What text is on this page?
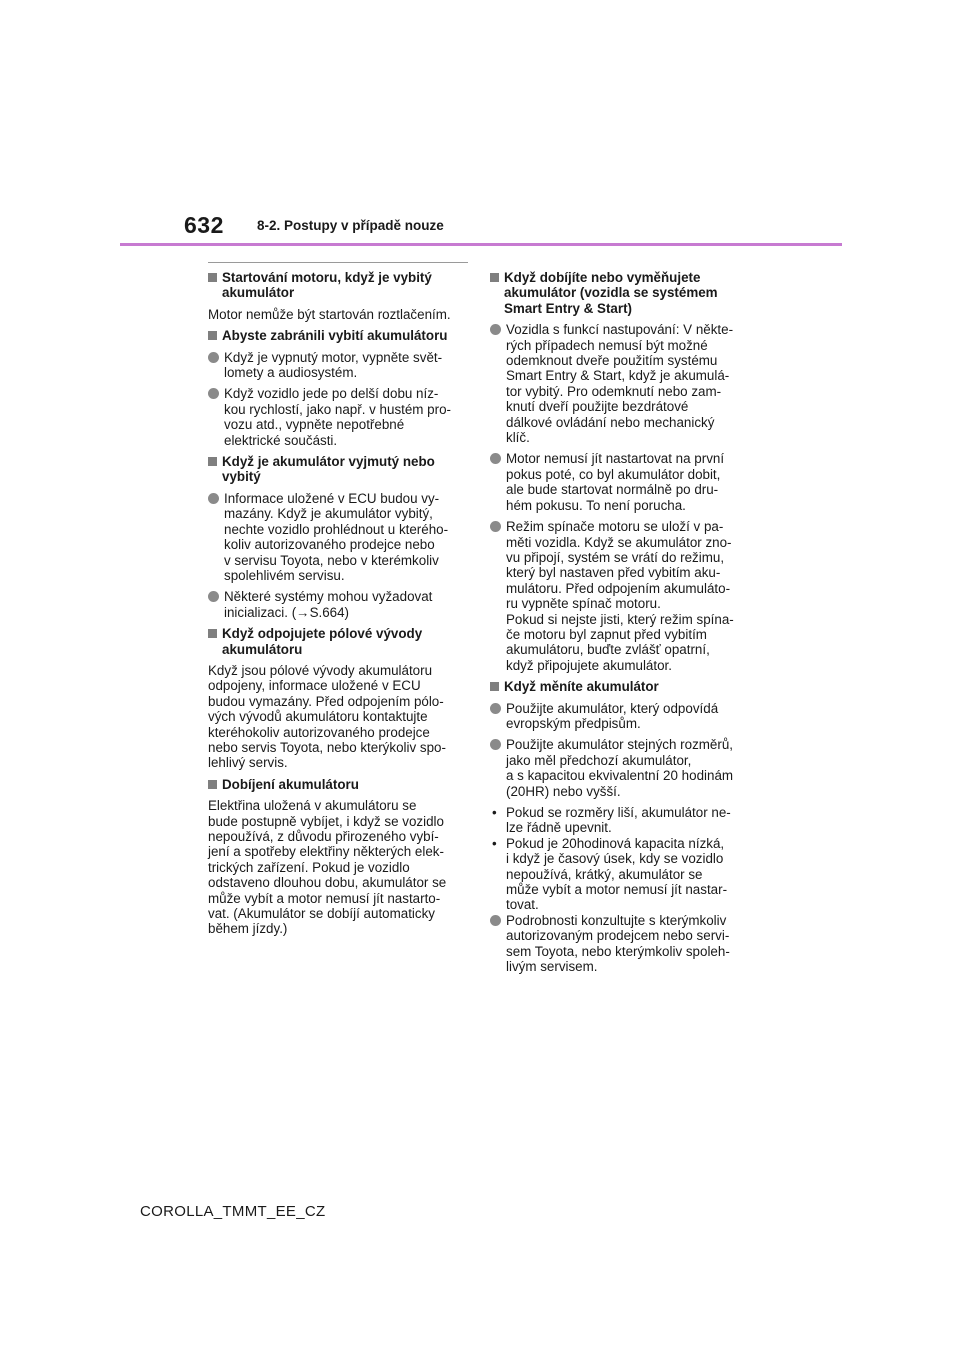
632 8-2. Postupy v případě nouze
Startování motoru, když je vybitý
akumulátor
Motor nemůže být startován roztlačením.
Abyste zabránili vybití akumulátoru
Když je vypnutý motor, vypněte svět-
lomety a audiosystém.
Když vozidlo jede po delší dobu níz-
kou rychlostí, jako např. v hustém pro-
vozu atd., vypněte nepotřebné
elektrické součásti.
Když je akumulátor vyjmutý nebo
vybitý
Informace uložené v ECU budou vy-
mazány. Když je akumulátor vybitý,
nechte vozidlo prohlédnout u kterého-
koliv autorizovaného prodejce nebo
v servisu Toyota, nebo v kterémkoliv
spolehlivém servisu.
Některé systémy mohou vyžadovat
inicializaci. (→S.664)
Když odpojujete pólové vývody
akumulátoru
Když jsou pólové vývody akumulátoru
odpojeny, informace uložené v ECU
budou vymazány. Před odpojením pólo-
vých vývodů akumulátoru kontaktujte
kteréhokoliv autorizovaného prodejce
nebo servis Toyota, nebo kterýkoliv spo-
lehlivý servis.
Dobíjení akumulátoru
Elektřina uložená v akumulátoru se
bude postupně vybíjet, i když se vozidlo
nepoužívá, z důvodu přirozeného vybí-
jení a spotřeby elektřiny některých elek-
trických zařízení. Pokud je vozidlo
odstaveno dlouhou dobu, akumulátor se
může vybít a motor nemusí jít nastarto-
vat. (Akumulátor se dobíjí automaticky
během jízdy.)
Když dobíjíte nebo vyměňujete
akumulátor (vozidla se systémem
Smart Entry & Start)
Vozidla s funkcí nastupování: V někte-
rých případech nemusí být možné
odemknout dveře použitím systému
Smart Entry & Start, když je akumulá-
tor vybitý. Pro odemknutí nebo zam-
knutí dveří použijte bezdrátové
dálkové ovládání nebo mechanický
klíč.
Motor nemusí jít nastartovat na první
pokus poté, co byl akumulátor dobit,
ale bude startovat normálně po dru-
hém pokusu. To není porucha.
Režim spínače motoru se uloží v pa-
měti vozidla. Když se akumulátor zno-
vu připojí, systém se vrátí do režimu,
který byl nastaven před vybitím aku-
mulátoru. Před odpojením akumuláto-
ru vypněte spínač motoru.
Pokud si nejste jisti, který režim spína-
če motoru byl zapnut před vybitím
akumulátoru, buďte zvlášť opatrní,
když připojujete akumulátor.
Když měníte akumulátor
Použijte akumulátor, který odpovídá
evropským předpisům.
Použijte akumulátor stejných rozměrů,
jako měl předchozí akumulátor,
a s kapacitou ekvivalentní 20 hodinám
(20HR) nebo vyšší.
• Pokud se rozměry liší, akumulátor ne-
lze řádně upevnit.
• Pokud je 20hodinová kapacita nízká,
i když je časový úsek, kdy se vozidlo
nepoužívá, krátký, akumulátor se
může vybít a motor nemusí jít nastar-
tovat.
Podrobnosti konzultujte s kterýmkoliv
autorizovaným prodejcem nebo servi-
sem Toyota, nebo kterýmkoliv spoleh-
livým servisem.
COROLLA_TMMT_EE_CZ
